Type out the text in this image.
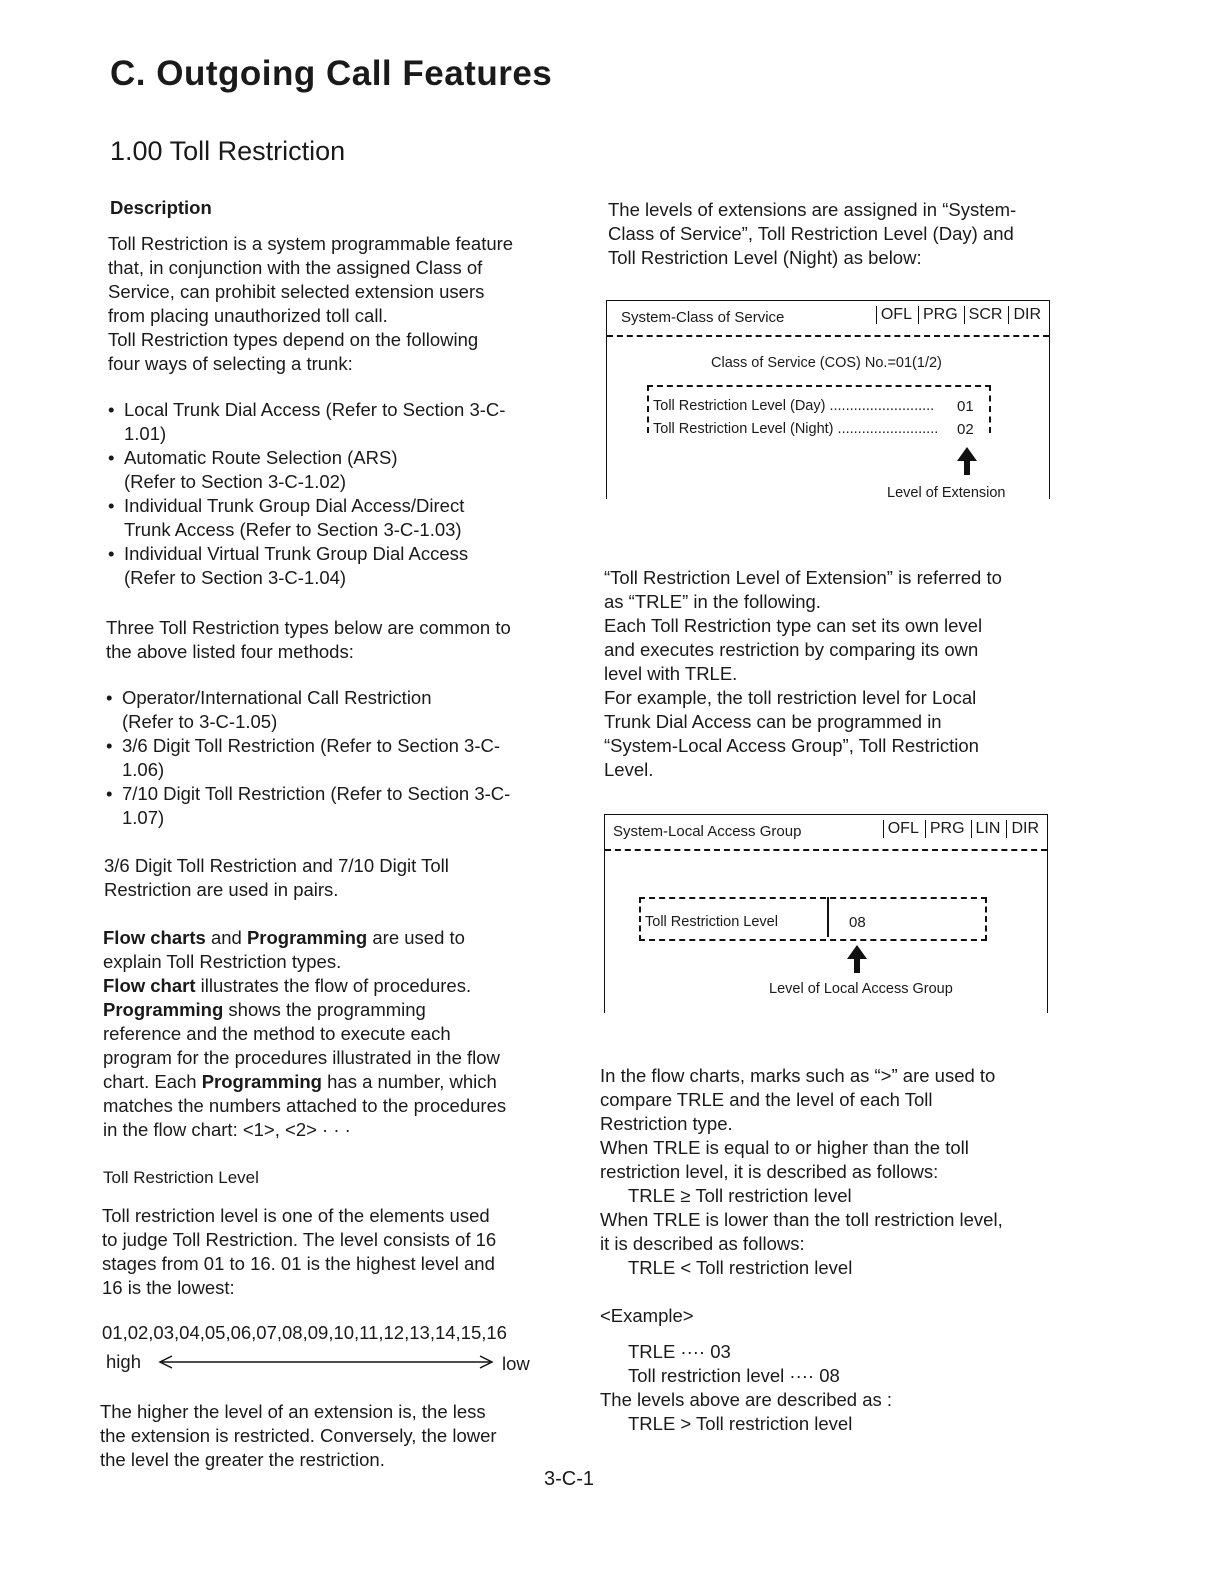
C. Outgoing Call Features
1.00 Toll Restriction
Description

Toll Restriction is a system programmable feature

that, in conjunction with the assigned Class of

Service, can prohibit selected extension users

from placing unauthorized toll call.

Toll Restriction types depend on the following

four ways of selecting a trunk:

• Local Trunk Dial Access (Refer to Section 3-C-

1.01)

• Automatic Route Selection (ARS)

(Refer to Section 3-C-1.02)

• Individual Trunk Group Dial Access/Direct

Trunk Access (Refer to Section 3-C-1.03)

• Individual Virtual Trunk Group Dial Access

(Refer to Section 3-C-1.04)

Three Toll Restriction types below are common to

the above listed four methods:

• Operator/International Call Restriction

(Refer to 3-C-1.05)

• 3/6 Digit Toll Restriction (Refer to Section 3-C-

1.06)

• 7/10 Digit Toll Restriction (Refer to Section 3-C-

1.07)

3/6 Digit Toll Restriction and 7/10 Digit Toll

Restriction are used in pairs.

Flow charts and Programming are used to

explain Toll Restriction types.

Flow chart illustrates the flow of procedures.

Programming shows the programming

reference and the method to execute each

program for the procedures illustrated in the flow

chart. Each Programming has a number, which

matches the numbers attached to the procedures

in the flow chart: <1>, <2> · · ·

Toll Restriction Level

Toll restriction level is one of the elements used

to judge Toll Restriction. The level consists of 16

stages from 01 to 16. 01 is the highest level and

16 is the lowest:

01,02,03,04,05,06,07,08,09,10,11,12,13,14,15,16
high	low

The higher the level of an extension is, the less

the extension is restricted. Conversely, the lower

the level the greater the restriction.

3-C-1

The levels of extensions are assigned in “System-

Class of Service”, Toll Restriction Level (Day) and

Toll Restriction Level (Night) as below:

System-Class of Service	OFL PRG SCR DIR
Class of Service (COS) No.=01(1/2)
Toll Restriction Level (Day) .......................... 01
Toll Restriction Level (Night) ......................... 02
Level of Extension

“Toll Restriction Level of Extension” is referred to

as “TRLE” in the following.

Each Toll Restriction type can set its own level

and executes restriction by comparing its own

level with TRLE.

For example, the toll restriction level for Local

Trunk Dial Access can be programmed in

“System-Local Access Group”, Toll Restriction

Level.

System-Local Access Group	OFL PRG LIN DIR
Toll Restriction Level	08
Level of Local Access Group

In the flow charts, marks such as “>” are used to

compare TRLE and the level of each Toll

Restriction type.

When TRLE is equal to or higher than the toll

restriction level, it is described as follows:

TRLE ≥ Toll restriction level

When TRLE is lower than the toll restriction level,

it is described as follows:

TRLE < Toll restriction level

<Example>
TRLE ···· 03
Toll restriction level ···· 08
The levels above are described as :
TRLE > Toll restriction level
